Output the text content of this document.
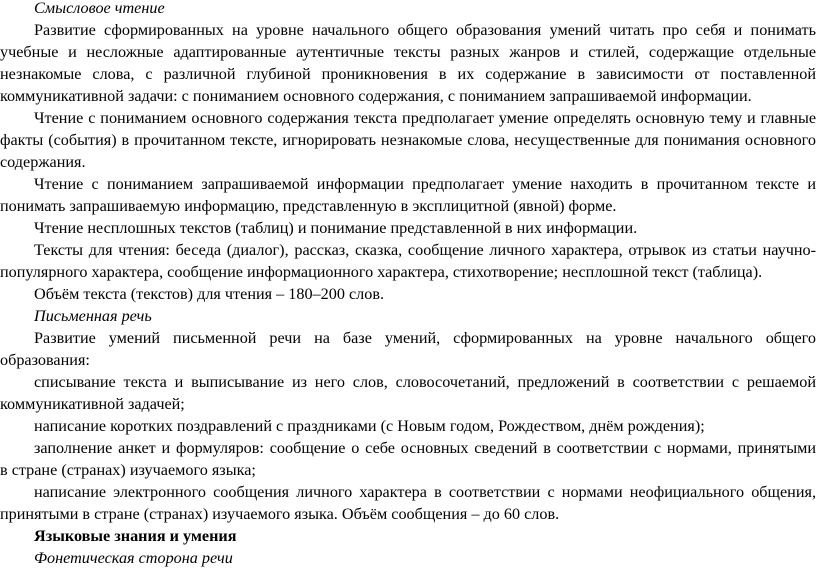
Смысловое чтение
Развитие сформированных на уровне начального общего образования умений читать про себя и понимать
учебные и несложные адаптированные аутентичные тексты разных жанров и стилей, содержащие отдельные
незнакомые слова, с различной глубиной проникновения в их содержание в зависимости от поставленной
коммуникативной задачи: с пониманием основного содержания, с пониманием запрашиваемой информации.
Чтение с пониманием основного содержания текста предполагает умение определять основную тему и главные
факты (события) в прочитанном тексте, игнорировать незнакомые слова, несущественные для понимания основного
содержания.
Чтение с пониманием запрашиваемой информации предполагает умение находить в прочитанном тексте и
понимать запрашиваемую информацию, представленную в эксплицитной (явной) форме.
Чтение несплошных текстов (таблиц) и понимание представленной в них информации.
Тексты для чтения: беседа (диалог), рассказ, сказка, сообщение личного характера, отрывок из статьи научно-
популярного характера, сообщение информационного характера, стихотворение; несплошной текст (таблица).
Объём текста (текстов) для чтения – 180–200 слов.
Письменная речь
Развитие умений письменной речи на базе умений, сформированных на уровне начального общего
образования:
списывание текста и выписывание из него слов, словосочетаний, предложений в соответствии с решаемой
коммуникативной задачей;
написание коротких поздравлений с праздниками (с Новым годом, Рождеством, днём рождения);
заполнение анкет и формуляров: сообщение о себе основных сведений в соответствии с нормами, принятыми
в стране (странах) изучаемого языка;
написание электронного сообщения личного характера в соответствии с нормами неофициального общения,
принятыми в стране (странах) изучаемого языка. Объём сообщения – до 60 слов.
Языковые знания и умения
Фонетическая сторона речи
